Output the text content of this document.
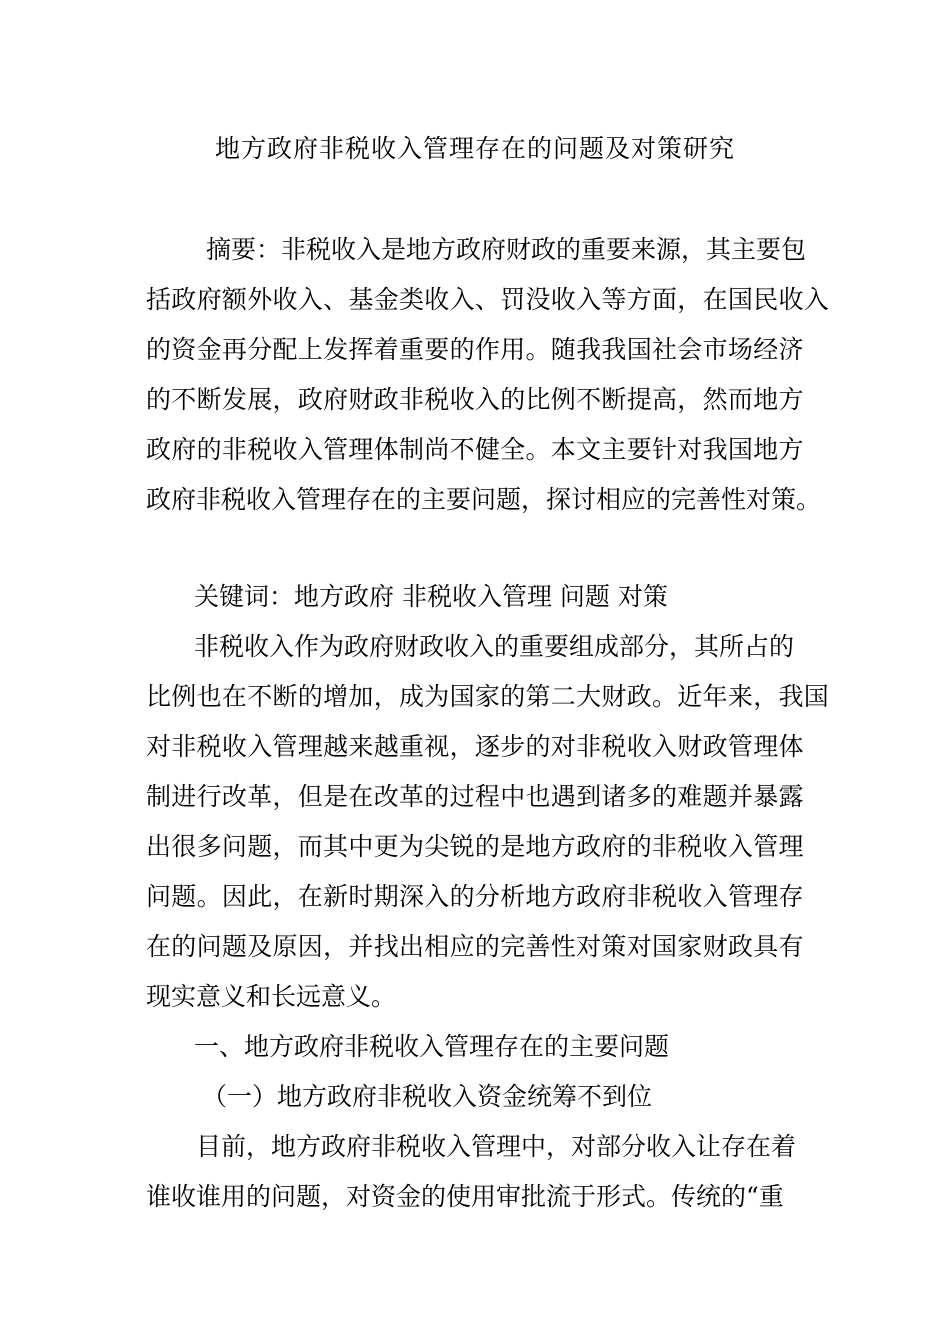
地方政府非税收入管理存在的问题及对策研究
摘要：非税收入是地方政府财政的重要来源，其主要包
括政府额外收入、基金类收入、罚没收入等方面，在国民收入
的资金再分配上发挥着重要的作用。随我我国社会市场经济
的不断发展，政府财政非税收入的比例不断提高，然而地方
政府的非税收入管理体制尚不健全。本文主要针对我国地方
政府非税收入管理存在的主要问题，探讨相应的完善性对策。
关键词：地方政府 非税收入管理 问题 对策
非税收入作为政府财政收入的重要组成部分，其所占的
比例也在不断的增加，成为国家的第二大财政。近年来，我国
对非税收入管理越来越重视，逐步的对非税收入财政管理体
制进行改革，但是在改革的过程中也遇到诸多的难题并暴露
出很多问题，而其中更为尖锐的是地方政府的非税收入管理
问题。因此，在新时期深入的分析地方政府非税收入管理存
在的问题及原因，并找出相应的完善性对策对国家财政具有
现实意义和长远意义。
一、地方政府非税收入管理存在的主要问题
（一）地方政府非税收入资金统筹不到位
目前，地方政府非税收入管理中，对部分收入让存在着
谁收谁用的问题，对资金的使用审批流于形式。传统的“重
